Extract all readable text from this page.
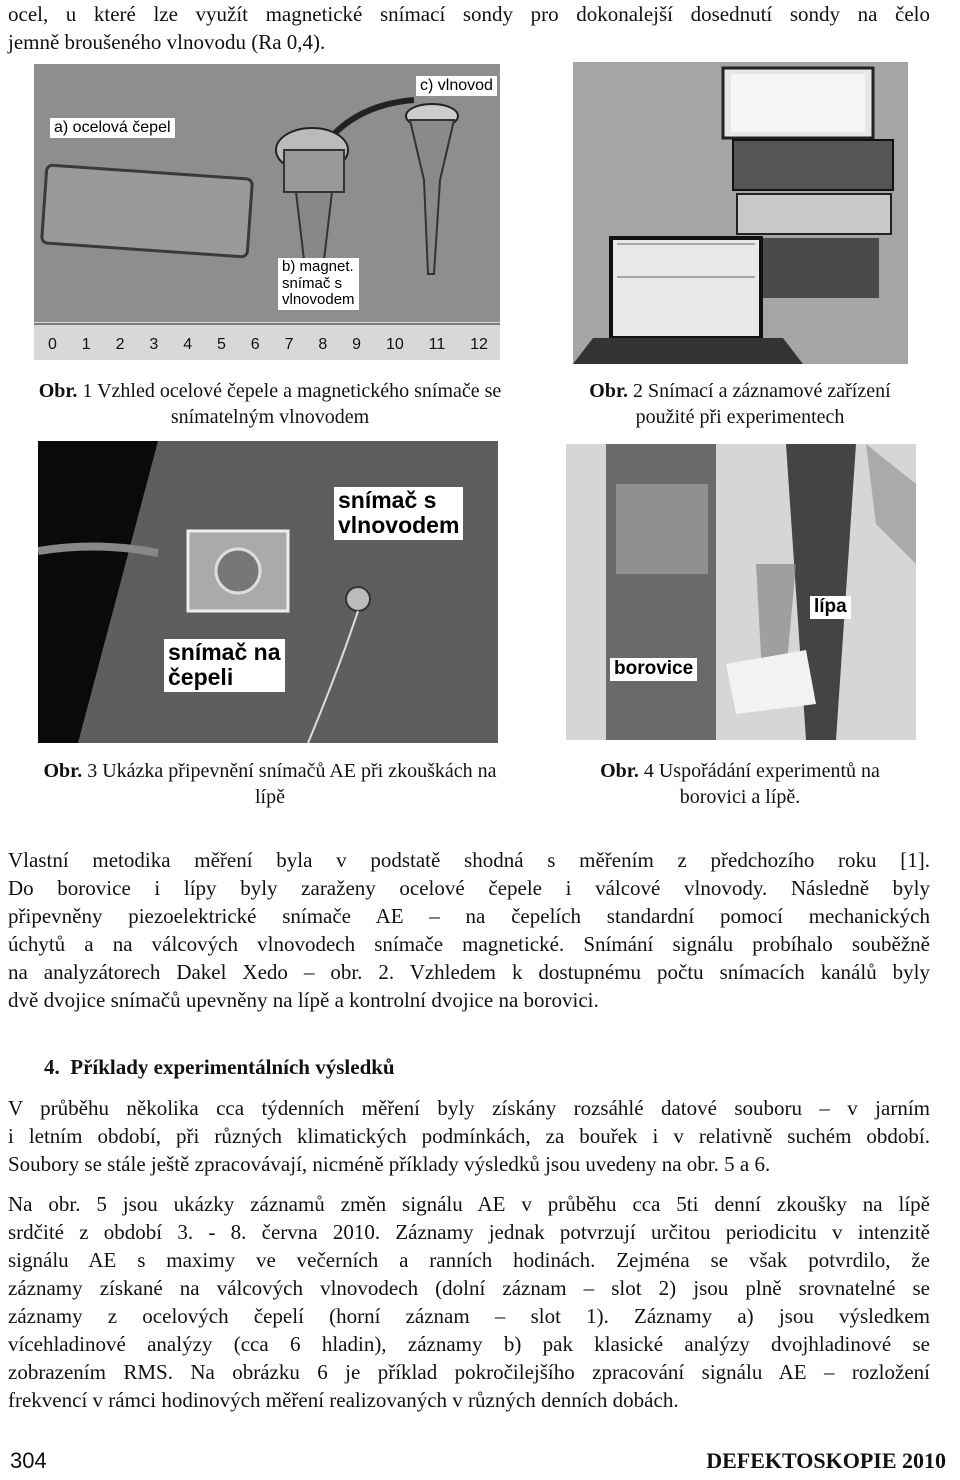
ocel, u které lze využít magnetické snímací sondy pro dokonalejší dosednutí sondy na čelo
jemně broušeného vlnovodu (Ra 0,4).
a) ocelová čepel
c) vlnovod
b) magnet.
snímač s
vlnovodem
0 1 2 3 4 5 6 7 8 9 10 11 12
Obr. 1 Vzhled ocelové čepele a magnetického snímače se
snímatelným vlnovodem
Obr. 2 Snímací a záznamové zařízení
použité při experimentech
snímač s
vlnovodem
snímač na
čepeli
Obr. 3 Ukázka připevnění snímačů AE při zkouškách na
lípě
lípa
borovice
Obr. 4 Uspořádání experimentů na
borovici a lípě.
Vlastní metodika měření byla v podstatě shodná s měřením z předchozího roku [1].
Do borovice i lípy byly zaraženy ocelové čepele i válcové vlnovody. Následně byly
připevněny piezoelektrické snímače AE – na čepelích standardní pomocí mechanických
úchytů a na válcových vlnovodech snímače magnetické. Snímání signálu probíhalo souběžně
na analyzátorech Dakel Xedo – obr. 2. Vzhledem k dostupnému počtu snímacích kanálů byly
dvě dvojice snímačů upevněny na lípě a kontrolní dvojice na borovici.
4. Příklady experimentálních výsledků
V průběhu několika cca týdenních měření byly získány rozsáhlé datové souboru – v jarním
i letním období, při různých klimatických podmínkách, za bouřek i v relativně suchém období.
Soubory se stále ještě zpracovávají, nicméně příklady výsledků jsou uvedeny na obr. 5 a 6.
Na obr. 5 jsou ukázky záznamů změn signálu AE v průběhu cca 5ti denní zkoušky na lípě
srdčité z období 3. - 8. června 2010. Záznamy jednak potvrzují určitou periodicitu v intenzitě
signálu AE s maximy ve večerních a ranních hodinách. Zejména se však potvrdilo, že
záznamy získané na válcových vlnovodech (dolní záznam – slot 2) jsou plně srovnatelné se
záznamy z ocelových čepelí (horní záznam – slot 1). Záznamy a) jsou výsledkem
vícehladinové analýzy (cca 6 hladin), záznamy b) pak klasické analýzy dvojhladinové se
zobrazením RMS. Na obrázku 6 je příklad pokročilejšího zpracování signálu AE – rozložení
frekvencí v rámci hodinových měření realizovaných v různých denních dobách.
304	DEFEKTOSKOPIE 2010
